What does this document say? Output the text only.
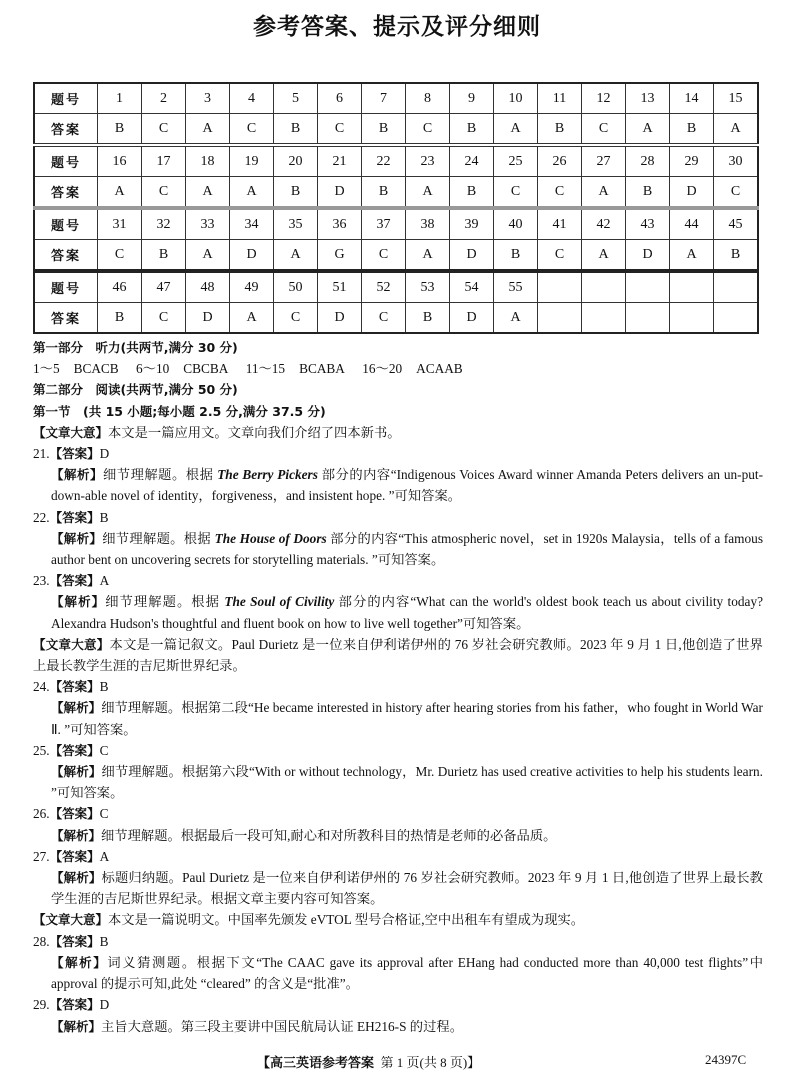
参考答案、提示及评分细则
题号	1	2	3	4	5	6	7	8	9	10	11	12	13	14	15
答案	B	C	A	C	B	C	B	C	B	A	B	C	A	B	A
题号	16	17	18	19	20	21	22	23	24	25	26	27	28	29	30
答案	A	C	A	A	B	D	B	A	B	C	C	A	B	D	C
题号	31	32	33	34	35	36	37	38	39	40	41	42	43	44	45
答案	C	B	A	D	A	G	C	A	D	B	C	A	D	A	B
题号	46	47	48	49	50	51	52	53	54	55					
答案	B	C	D	A	C	D	C	B	D	A					
第一部分　听力(共两节,满分 30 分)
1～5 BCACB 6～10 CBCBA 11～15 BCABA 16～20 ACAAB
第二部分　阅读(共两节,满分 50 分)
第一节　(共 15 小题;每小题 2.5 分,满分 37.5 分)
【文章大意】本文是一篇应用文。文章向我们介绍了四本新书。
21.【答案】D
【解析】细节理解题。根据 The Berry Pickers 部分的内容“Indigenous Voices Award winner Amanda Peters delivers an un-put-down-able novel of identity，forgiveness，and insistent hope. ”可知答案。
22.【答案】B
【解析】细节理解题。根据 The House of Doors 部分的内容“This atmospheric novel，set in 1920s Malaysia，tells of a famous author bent on uncovering secrets for storytelling materials. ”可知答案。
23.【答案】A
【解析】细节理解题。根据 The Soul of Civility 部分的内容“What can the world's oldest book teach us about civility today? Alexandra Hudson's thoughtful and fluent book on how to live well together”可知答案。
【文章大意】本文是一篇记叙文。Paul Durietz 是一位来自伊利诺伊州的 76 岁社会研究教师。2023 年 9 月 1 日,他创造了世界上最长教学生涯的吉尼斯世界纪录。
24.【答案】B
【解析】细节理解题。根据第二段“He became interested in history after hearing stories from his father，who fought in World War Ⅱ. ”可知答案。
25.【答案】C
【解析】细节理解题。根据第六段“With or without technology，Mr. Durietz has used creative activities to help his students learn. ”可知答案。
26.【答案】C
【解析】细节理解题。根据最后一段可知,耐心和对所教科目的热情是老师的必备品质。
27.【答案】A
【解析】标题归纳题。Paul Durietz 是一位来自伊利诺伊州的 76 岁社会研究教师。2023 年 9 月 1 日,他创造了世界上最长教学生涯的吉尼斯世界纪录。根据文章主要内容可知答案。
【文章大意】本文是一篇说明文。中国率先颁发 eVTOL 型号合格证,空中出租车有望成为现实。
28.【答案】B
【解析】词义猜测题。根据下文“The CAAC gave its approval after EHang had conducted more than 40,000 test flights”中 approval 的提示可知,此处 “cleared” 的含义是“批准”。
29.【答案】D
【解析】主旨大意题。第三段主要讲中国民航局认证 EH216-S 的过程。
【高三英语参考答案 第 1 页(共 8 页)】	24397C
